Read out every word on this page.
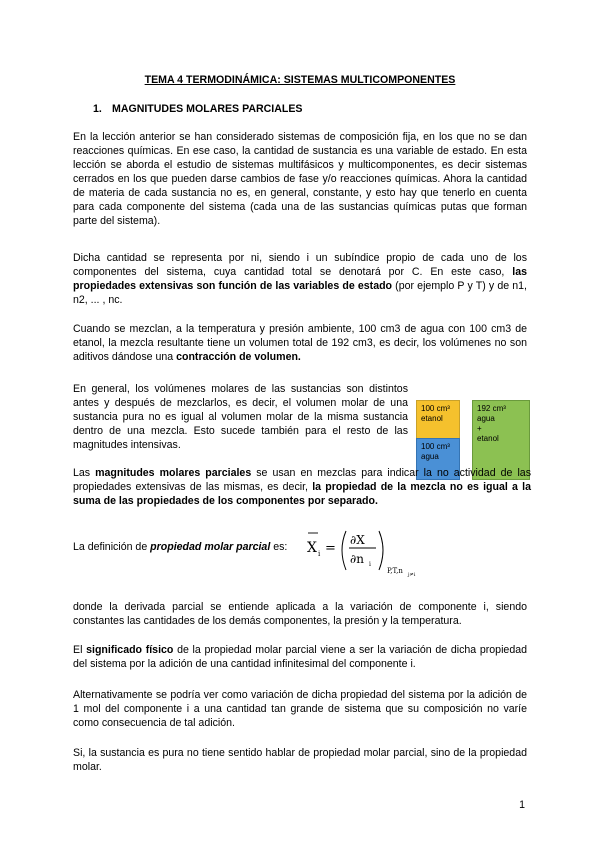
TEMA 4 TERMODINÁMICA: SISTEMAS MULTICOMPONENTES
1. MAGNITUDES MOLARES PARCIALES

En la lección anterior se han considerado sistemas de composición fija, en los que no se dan reacciones químicas. En ese caso, la cantidad de sustancia es una variable de estado. En esta lección se aborda el estudio de sistemas multifásicos y multicomponentes, es decir sistemas cerrados en los que pueden darse cambios de fase y/o reacciones químicas. Ahora la cantidad de materia de cada sustancia no es, en general, constante, y esto hay que tenerlo en cuenta para cada componente del sistema (cada una de las sustancias químicas putas que forman parte del sistema).

Dicha cantidad se representa por ni, siendo i un subíndice propio de cada uno de los componentes del sistema, cuya cantidad total se denotará por C. En este caso, las propiedades extensivas son función de las variables de estado (por ejemplo P y T) y de n1, n2, ... , nc.

Cuando se mezclan, a la temperatura y presión ambiente, 100 cm3 de agua con 100 cm3 de etanol, la mezcla resultante tiene un volumen total de 192 cm3, es decir, los volúmenes no son aditivos dándose una contracción de volumen.

En general, los volúmenes molares de las sustancias son distintos antes y después de mezclarlos, es decir, el volumen molar de una sustancia pura no es igual al volumen molar de la misma sustancia dentro de una mezcla. Esto sucede también para el resto de las magnitudes intensivas.

100 cm³
etanol
100 cm³
agua
192 cm³
agua
+
etanol

Las magnitudes molares parciales se usan en mezclas para indicar la no actividad de las propiedades extensivas de las mismas, es decir, la propiedad de la mezcla no es igual a la suma de las propiedades de los componentes por separado.

La definición de propiedad molar parcial es: X i =
∂X
∂n i
P,T,n j≠i

donde la derivada parcial se entiende aplicada a la variación de componente i, siendo constantes las cantidades de los demás componentes, la presión y la temperatura.

El significado físico de la propiedad molar parcial viene a ser la variación de dicha propiedad del sistema por la adición de una cantidad infinitesimal del componente i.

Alternativamente se podría ver como variación de dicha propiedad del sistema por la adición de 1 mol del componente i a una cantidad tan grande de sistema que su composición no varíe como consecuencia de tal adición.

Si, la sustancia es pura no tiene sentido hablar de propiedad molar parcial, sino de la propiedad molar.

1
